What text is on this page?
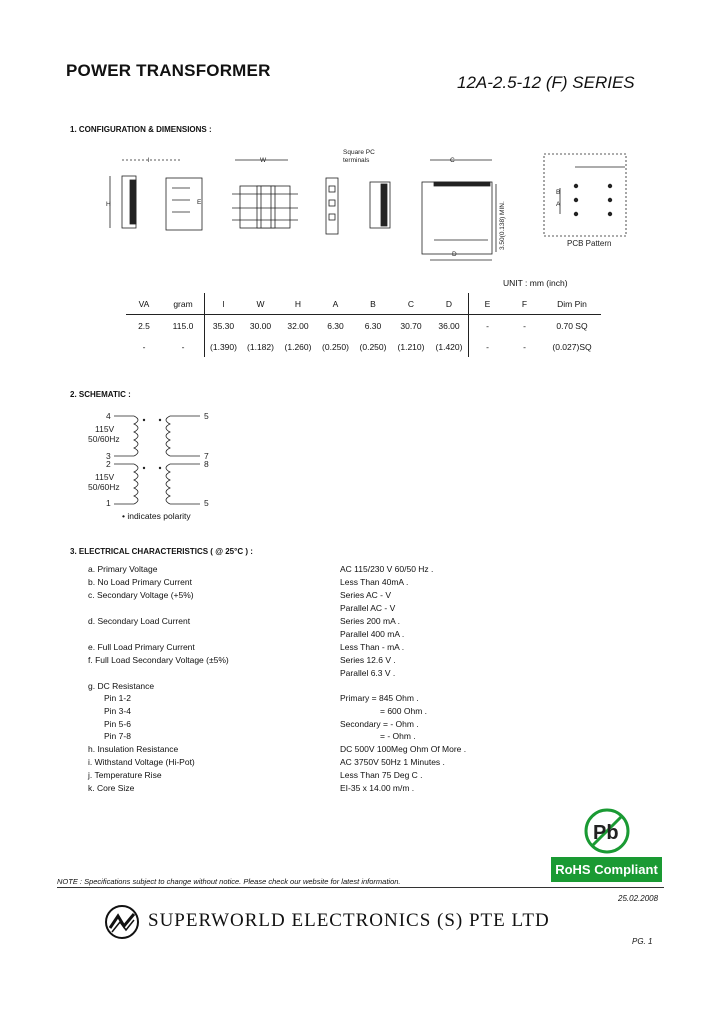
POWER TRANSFORMER
12A-2.5-12 (F) SERIES
1. CONFIGURATION & DIMENSIONS :
l
H
W
Square PC
terminals	C
D
E	A
B
3.50(0.138) MIN.	PCB Pattern
UNIT : mm (inch)
VA	gram	l	W	H	A	B	C	D	E	F	Dim Pin
2.5	115.0	35.30	30.00	32.00	6.30	6.30	30.70	36.00	-	-	0.70 SQ
-	-	(1.390)	(1.182)	(1.260)	(0.250)	(0.250)	(1.210)	(1.420)	-	-	(0.027)SQ
2. SCHEMATIC :
4	5
115V
50/60Hz
3	7
2	8
115V
50/60Hz
1	5
• indicates polarity
3. ELECTRICAL CHARACTERISTICS ( @ 25°C ) :
a. Primary Voltage	AC 115/230 V 60/50 Hz .
b. No Load Primary Current	Less Than 40mA .
c. Secondary Voltage (+5%)	Series AC - V
Parallel AC - V
d. Secondary Load Current	Series 200 mA .
Parallel 400 mA .
e. Full Load Primary Current	Less Than - mA .
f. Full Load Secondary Voltage (±5%)	Series 12.6 V .
Parallel 6.3 V .
g. DC Resistance
Pin 1-2	Primary = 845 Ohm .
Pin 3-4	= 600 Ohm .
Pin 5-6	Secondary = - Ohm .
Pin 7-8	= - Ohm .
h. Insulation Resistance	DC 500V 100Meg Ohm Of More .
i. Withstand Voltage (Hi-Pot)	AC 3750V 50Hz 1 Minutes .
j. Temperature Rise	Less Than 75 Deg C .
k. Core Size	EI-35 x 14.00 m/m .
Pb
RoHS Compliant
NOTE : Specifications subject to change without notice. Please check our website for latest information.
25.02.2008
SUPERWORLD ELECTRONICS (S) PTE LTD
PG. 1
